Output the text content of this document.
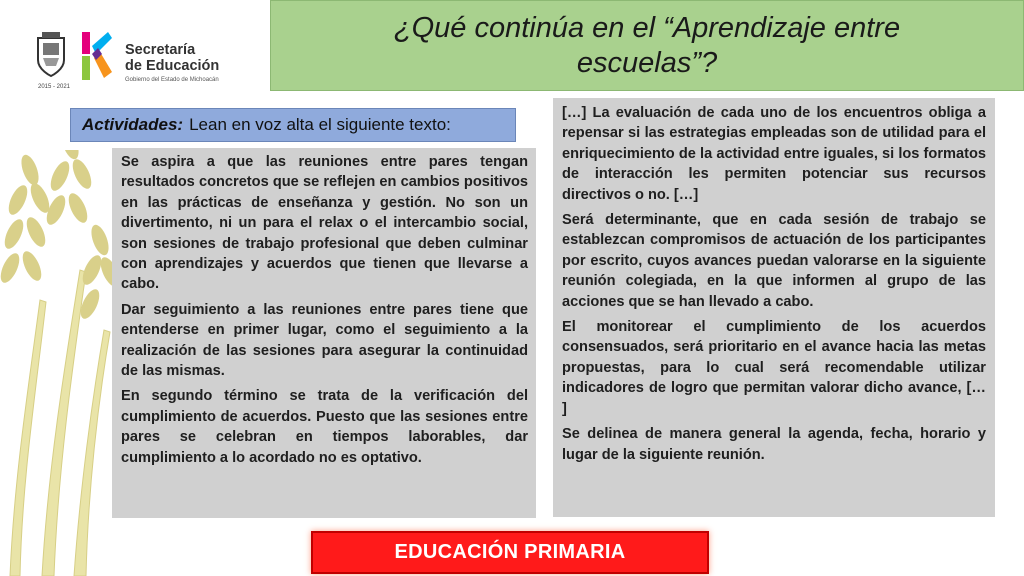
2015 - 2021
Secretaría
de Educación
Gobierno del Estado de Michoacán
¿Qué continúa en el “Aprendizaje entre escuelas”?
Actividades: Lean en voz alta el siguiente texto:

Se aspira a que las reuniones entre pares tengan resultados concretos que se reflejen en cambios positivos en las prácticas de enseñanza y gestión. No son un divertimento, ni un para el relax o el intercambio social, son sesiones de trabajo profesional que deben culminar con aprendizajes y acuerdos que tienen que llevarse a cabo.

Dar seguimiento a las reuniones entre pares tiene que entenderse en primer lugar, como el seguimiento a la realización de las sesiones para asegurar la continuidad de las mismas.

En segundo término se trata de la verificación del cumplimiento de acuerdos. Puesto que las sesiones entre pares se celebran en tiempos laborables, dar cumplimiento a lo acordado no es optativo.

[…] La evaluación de cada uno de los encuentros obliga a repensar si las estrategias empleadas son de utilidad para el enriquecimiento de la actividad entre iguales, si los formatos de interacción les permiten potenciar sus recursos directivos o no. […]

Será determinante, que en cada sesión de trabajo se establezcan compromisos de actuación de los participantes por escrito, cuyos avances puedan valorarse en la siguiente reunión colegiada, en la que informen al grupo de las acciones que se han llevado a cabo.

El monitorear el cumplimiento de los acuerdos consensuados, será prioritario en el avance hacia las metas propuestas, para lo cual será recomendable utilizar indicadores de logro que permitan valorar dicho avance, [… ]

Se delinea de manera general la agenda, fecha, horario y lugar de la siguiente reunión.

EDUCACIÓN PRIMARIA
